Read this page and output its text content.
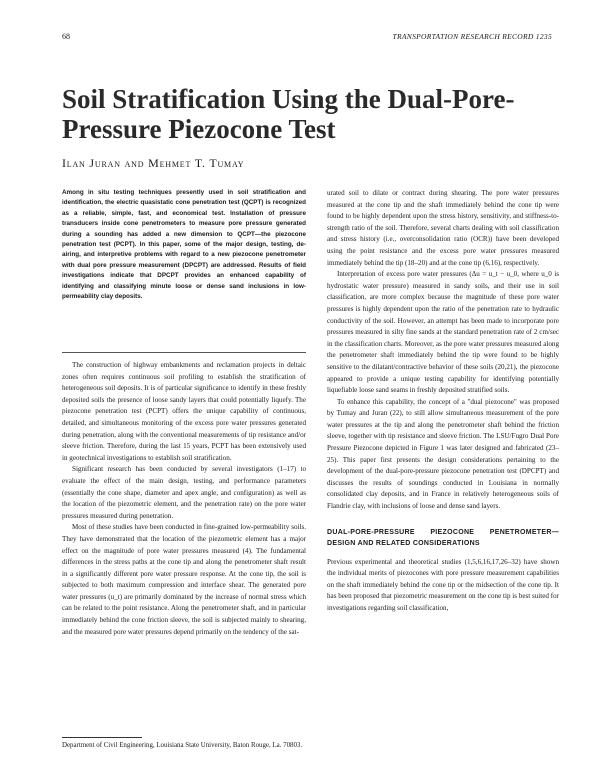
68	TRANSPORTATION RESEARCH RECORD 1235
Soil Stratification Using the Dual-Pore-Pressure Piezocone Test
Ilan Juran and Mehmet T. Tumay
Among in situ testing techniques presently used in soil stratification and identification, the electric quasistatic cone penetration test (QCPT) is recognized as a reliable, simple, fast, and economical test. Installation of pressure transducers inside cone penetrometers to measure pore pressure generated during a sounding has added a new dimension to QCPT—the piezocone penetration test (PCPT). In this paper, some of the major design, testing, de-airing, and interpretive problems with regard to a new piezocone penetrometer with dual pore pressure measurement (DPCPT) are addressed. Results of field investigations indicate that DPCPT provides an enhanced capability of identifying and classifying minute loose or dense sand inclusions in low-permeability clay deposits.

The construction of highway embankments and reclamation projects in deltaic zones often requires continuous soil profiling to establish the stratification of heterogeneous soil deposits. It is of particular significance to identify in these freshly deposited soils the presence of loose sandy layers that could potentially liquefy. The piezocone penetration test (PCPT) offers the unique capability of continuous, detailed, and simultaneous monitoring of the excess pore water pressures generated during penetration, along with the conventional measurements of tip resistance and/or sleeve friction. Therefore, during the last 15 years, PCPT has been extensively used in geotechnical investigations to establish soil stratification.

Significant research has been conducted by several investigators (1–17) to evaluate the effect of the main design, testing, and performance parameters (essentially the cone shape, diameter and apex angle, and configuration) as well as the location of the piezometric element, and the penetration rate) on the pore water pressures measured during penetration.

Most of these studies have been conducted in fine-grained low-permeability soils. They have demonstrated that the location of the piezometric element has a major effect on the magnitude of pore water pressures measured (4). The fundamental differences in the stress paths at the cone tip and along the penetrometer shaft result in a significantly different pore water pressure response. At the cone tip, the soil is subjected to both maximum compression and interface shear. The generated pore water pressures (u_t) are primarily dominated by the increase of normal stress which can be related to the point resistance. Along the penetrometer shaft, and in particular immediately behind the cone friction sleeve, the soil is subjected mainly to shearing, and the measured pore water pressures depend primarily on the tendency of the sat-

urated soil to dilate or contract during shearing. The pore water pressures measured at the cone tip and the shaft immediately behind the cone tip were found to be highly dependent upon the stress history, sensitivity, and stiffness-to-strength ratio of the soil. Therefore, several charts dealing with soil classification and stress history (i.e., overconsolidation ratio (OCR)) have been developed using the point resistance and the excess pore water pressures measured immediately behind the tip (18–20) and at the cone tip (6,16), respectively.

Interpretation of excess pore water pressures (Δu = u_t − u_0, where u_0 is hydrostatic water pressure) measured in sandy soils, and their use in soil classification, are more complex because the magnitude of these pore water pressures is highly dependent upon the ratio of the penetration rate to hydraulic conductivity of the soil. However, an attempt has been made to incorporate pore pressures measured in silty fine sands at the standard penetration rate of 2 cm/sec in the classification charts. Moreover, as the pore water pressures measured along the penetrometer shaft immediately behind the tip were found to be highly sensitive to the dilatant/contractive behavior of these soils (20,21), the piezocone appeared to provide a unique testing capability for identifying potentially liquefiable loose sand seams in freshly deposited stratified soils.

To enhance this capability, the concept of a "dual piezocone" was proposed by Tumay and Juran (22), to still allow simultaneous measurement of the pore water pressures at the tip and along the penetrometer shaft behind the friction sleeve, together with tip resistance and sleeve friction. The LSU/Fugro Dual Pore Pressure Piezocone depicted in Figure 1 was later designed and fabricated (23–25). This paper first presents the design considerations pertaining to the development of the dual-pore-pressure piezocone penetration test (DPCPT) and discusses the results of soundings conducted in Louisiana in normally consolidated clay deposits, and in France in relatively heterogeneous soils of Flandrie clay, with inclusions of loose and dense sand layers.

DUAL-PORE-PRESSURE PIEZOCONE PENETROMETER—DESIGN AND RELATED CONSIDERATIONS

Previous experimental and theoretical studies (1,5,6,16,17,26–32) have shown the individual merits of piezocones with pore pressure measurement capabilities on the shaft immediately behind the cone tip or the midsection of the cone tip. It has been proposed that piezometric measurement on the cone tip is best suited for investigations regarding soil classification,

Department of Civil Engineering, Louisiana State University, Baton Rouge, La. 70803.
